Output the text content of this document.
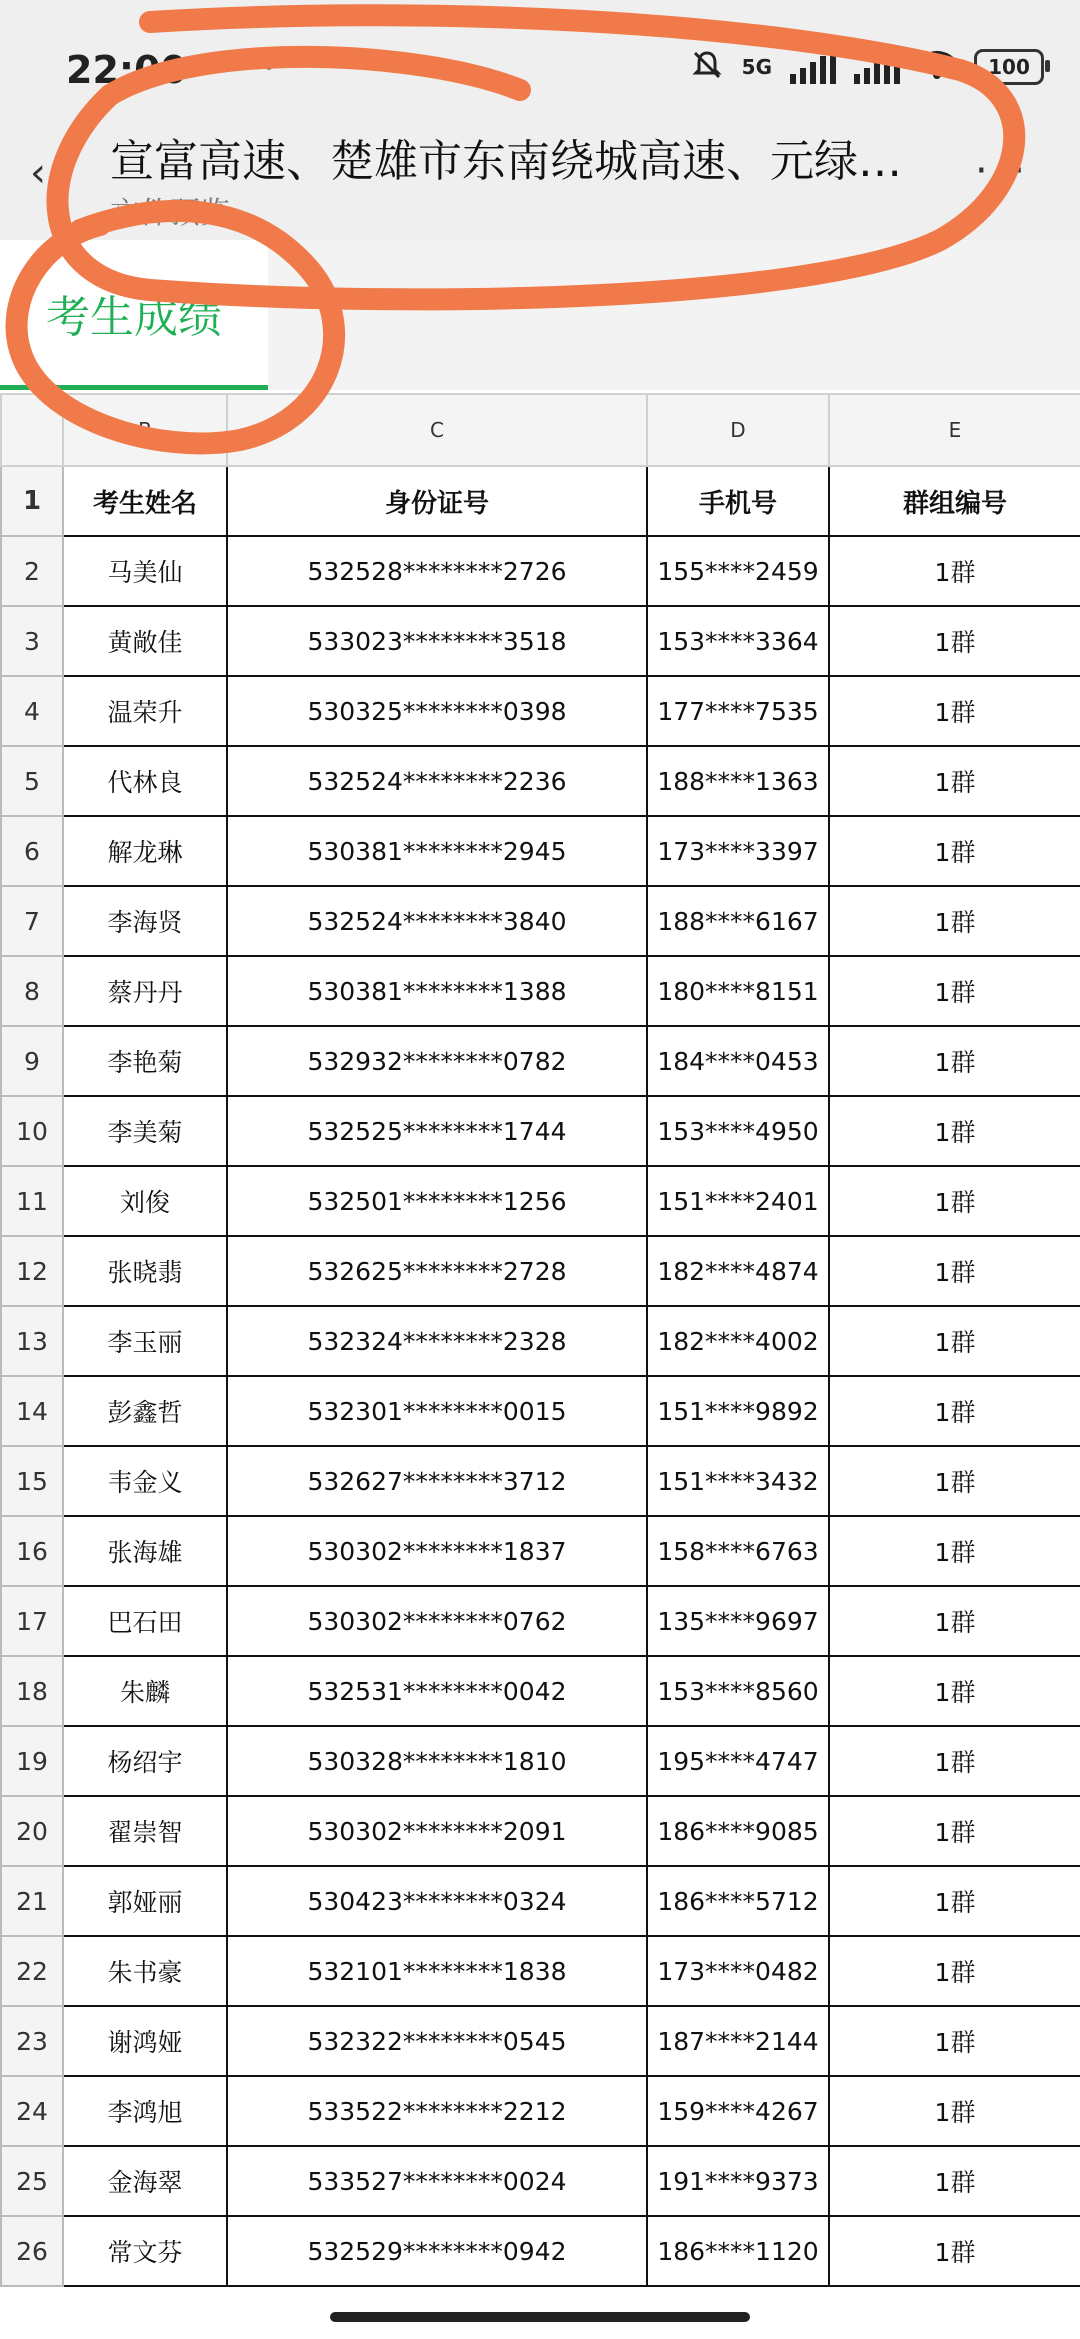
22:00 ···	5G	100
‹ 宣富高速、楚雄市东南绕城高速、元绿…
文件预览
···
考生成绩
	B	C	D	E
1	考生姓名	身份证号	手机号	群组编号
2	马美仙	532528********2726	155****2459	1群
3	黄敞佳	533023********3518	153****3364	1群
4	温荣升	530325********0398	177****7535	1群
5	代林良	532524********2236	188****1363	1群
6	解龙琳	530381********2945	173****3397	1群
7	李海贤	532524********3840	188****6167	1群
8	蔡丹丹	530381********1388	180****8151	1群
9	李艳菊	532932********0782	184****0453	1群
10	李美菊	532525********1744	153****4950	1群
11	刘俊	532501********1256	151****2401	1群
12	张晓翡	532625********2728	182****4874	1群
13	李玉丽	532324********2328	182****4002	1群
14	彭鑫哲	532301********0015	151****9892	1群
15	韦金义	532627********3712	151****3432	1群
16	张海雄	530302********1837	158****6763	1群
17	巴石田	530302********0762	135****9697	1群
18	朱麟	532531********0042	153****8560	1群
19	杨绍宇	530328********1810	195****4747	1群
20	翟崇智	530302********2091	186****9085	1群
21	郭娅丽	530423********0324	186****5712	1群
22	朱书豪	532101********1838	173****0482	1群
23	谢鸿娅	532322********0545	187****2144	1群
24	李鸿旭	533522********2212	159****4267	1群
25	金海翠	533527********0024	191****9373	1群
26	常文芬	532529********0942	186****1120	1群
